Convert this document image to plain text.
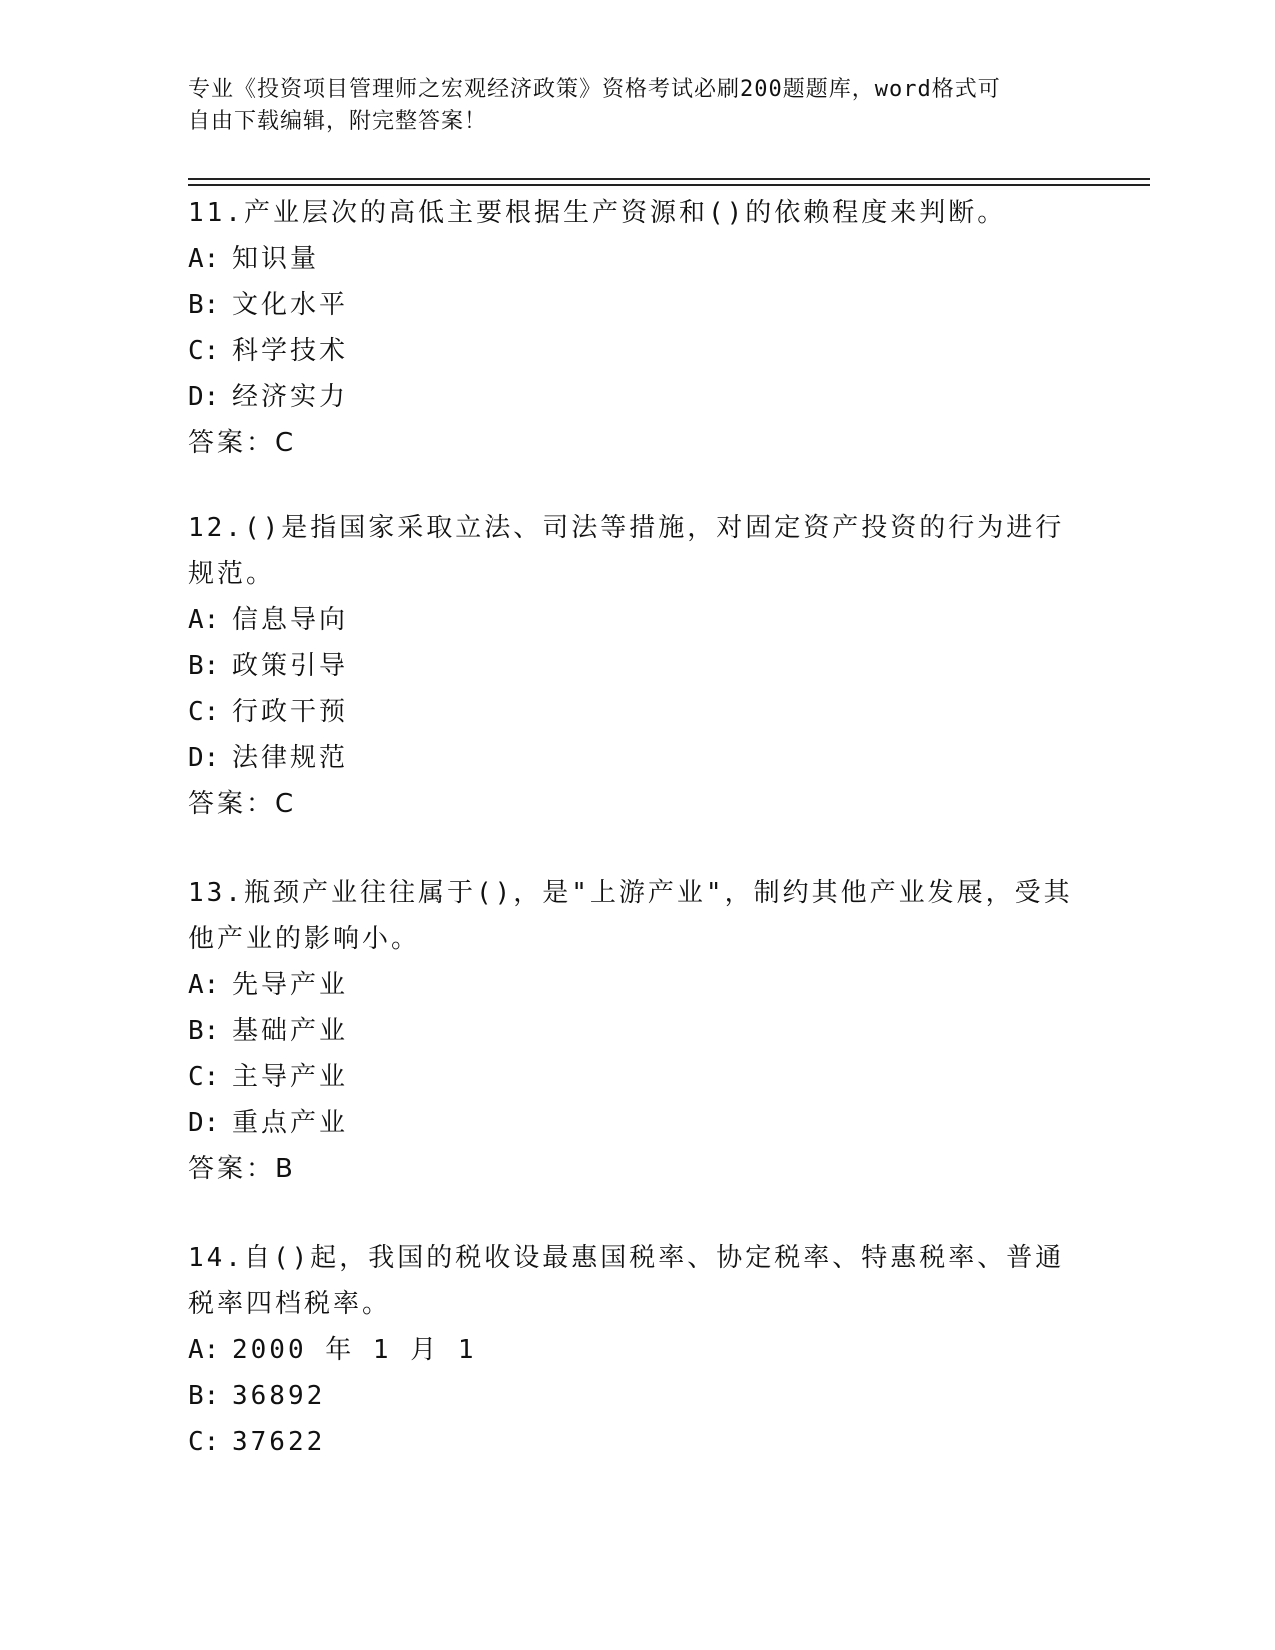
专业《投资项目管理师之宏观经济政策》资格考试必刷200题题库，word格式可
自由下载编辑，附完整答案！
11.产业层次的高低主要根据生产资源和()的依赖程度来判断。
A: 知识量
B: 文化水平
C: 科学技术
D: 经济实力
答案：C
12.()是指国家采取立法、司法等措施，对固定资产投资的行为进行规范。
A: 信息导向
B: 政策引导
C: 行政干预
D: 法律规范
答案：C
13.瓶颈产业往往属于()，是"上游产业"，制约其他产业发展，受其他产业的影响小。
A: 先导产业
B: 基础产业
C: 主导产业
D: 重点产业
答案：B
14.自()起，我国的税收设最惠国税率、协定税率、特惠税率、普通税率四档税率。
A: 2000 年 1 月 1
B: 36892
C: 37622
